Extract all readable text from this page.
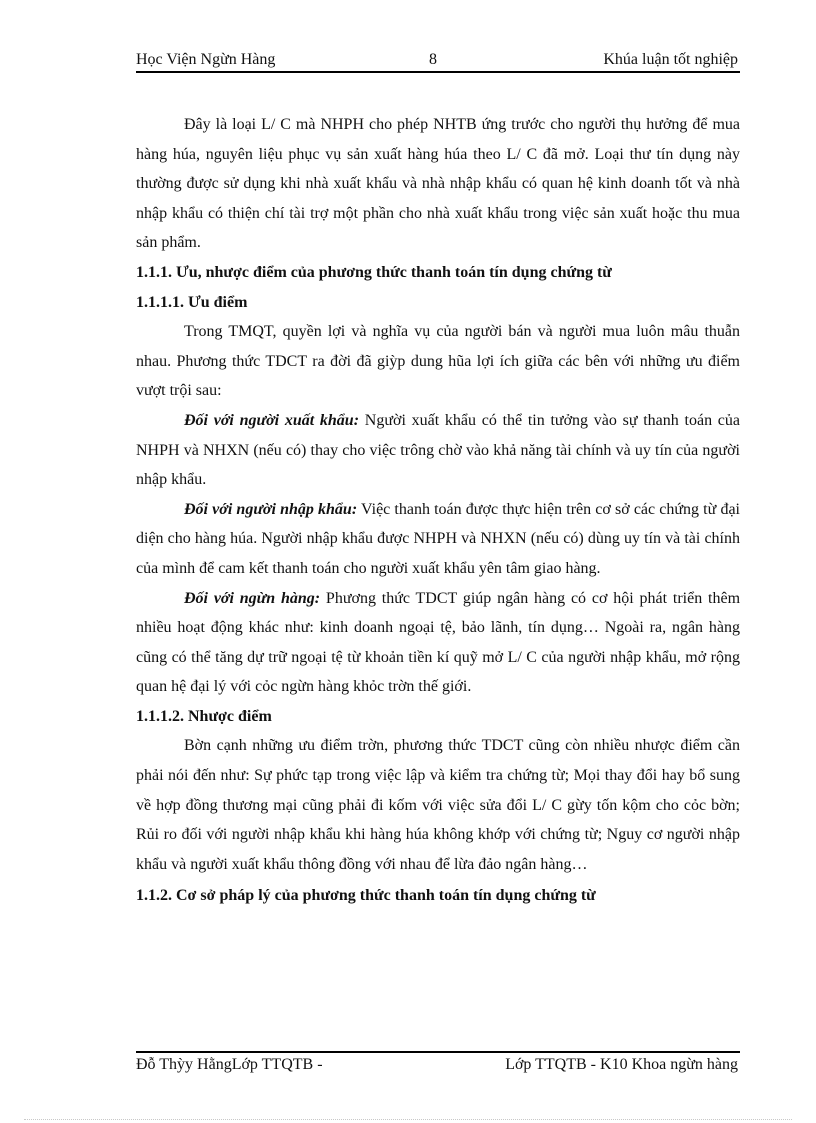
Học Viện Ngừn Hàng	8	Khúa luận tốt nghiệp

Đây là loại L/ C mà NHPH cho phép NHTB ứng trước cho người thụ hưởng để mua hàng húa, nguyên liệu phục vụ sản xuất hàng húa theo L/ C đã mở. Loại thư tín dụng này thường được sử dụng khi nhà xuất khẩu và nhà nhập khẩu có quan hệ kinh doanh tốt và nhà nhập khẩu có thiện chí tài trợ một phần cho nhà xuất khẩu trong việc sản xuất hoặc thu mua sản phẩm.

1.1.1. Ưu, nhược điểm của phương thức thanh toán tín dụng chứng từ
1.1.1.1. Ưu điểm

Trong TMQT, quyền lợi và nghĩa vụ của người bán và người mua luôn mâu thuẫn nhau. Phương thức TDCT ra đời đã giỳp dung hũa lợi ích giữa các bên với những ưu điểm vượt trội sau:

Đối với người xuất khẩu: Người xuất khẩu có thể tin tưởng vào sự thanh toán của NHPH và NHXN (nếu có) thay cho việc trông chờ vào khả năng tài chính và uy tín của người nhập khẩu.

Đối với người nhập khẩu: Việc thanh toán được thực hiện trên cơ sở các chứng từ đại diện cho hàng húa. Người nhập khẩu được NHPH và NHXN (nếu có) dùng uy tín và tài chính của mình để cam kết thanh toán cho người xuất khẩu yên tâm giao hàng.

Đối với ngừn hàng: Phương thức TDCT giúp ngân hàng có cơ hội phát triển thêm nhiều hoạt động khác như: kinh doanh ngoại tệ, bảo lãnh, tín dụng… Ngoài ra, ngân hàng cũng có thể tăng dự trữ ngoại tệ từ khoản tiền kí quỹ mở L/ C của người nhập khẩu, mở rộng quan hệ đại lý với cỏc ngừn hàng khỏc trờn thế giới.

1.1.1.2. Nhược điểm

Bờn cạnh những ưu điểm trờn, phương thức TDCT cũng còn nhiều nhược điểm cần phải nói đến như: Sự phức tạp trong việc lập và kiểm tra chứng từ; Mọi thay đổi hay bổ sung về hợp đồng thương mại cũng phải đi kốm với việc sửa đổi L/ C gừy tốn kộm cho cỏc bờn; Rủi ro đối với người nhập khẩu khi hàng húa không khớp với chứng từ; Nguy cơ người nhập khẩu và người xuất khẩu thông đồng với nhau để lừa đảo ngân hàng…

1.1.2. Cơ sở pháp lý của phương thức thanh toán tín dụng chứng từ
Đỗ Thỳy HằngLớp TTQTB -	Lớp TTQTB - K10 Khoa ngừn hàng
